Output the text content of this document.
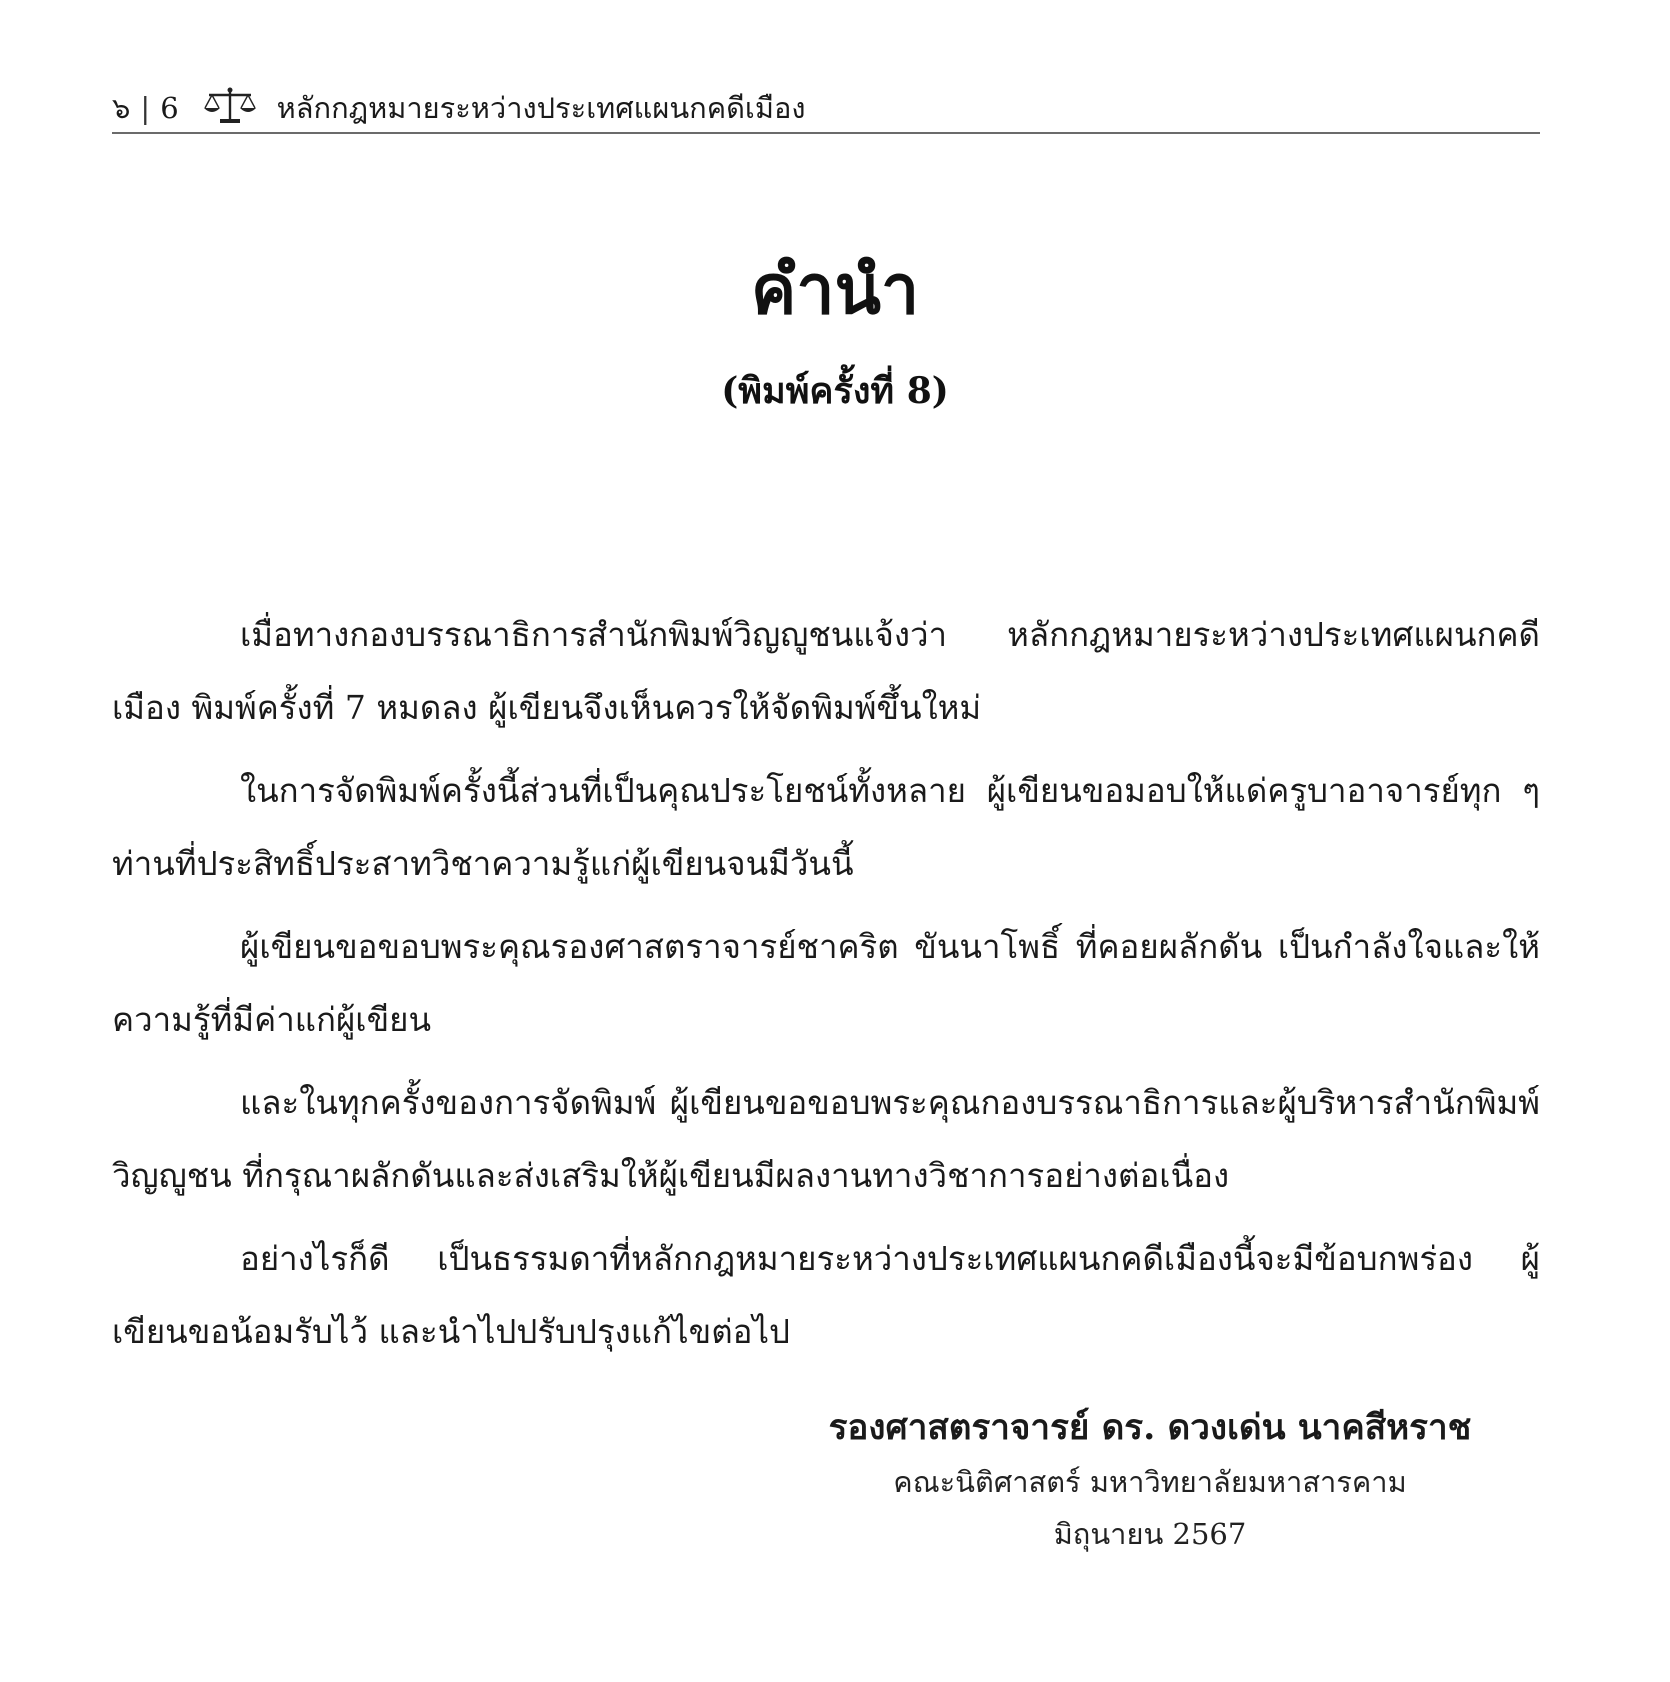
๖ | 6	หลักกฎหมายระหว่างประเทศแผนกคดีเมือง
คำนำ
(พิมพ์ครั้งที่ 8)

เมื่อทางกองบรรณาธิการสำนักพิมพ์วิญญูชนแจ้งว่า หลักกฎหมายระหว่างประเทศแผนกคดีเมือง พิมพ์ครั้งที่ 7 หมดลง ผู้เขียนจึงเห็นควรให้จัดพิมพ์ขึ้นใหม่

ในการจัดพิมพ์ครั้งนี้ส่วนที่เป็นคุณประโยชน์ทั้งหลาย ผู้เขียนขอมอบให้แด่ครูบาอาจารย์ทุก ๆ ท่านที่ประสิทธิ์ประสาทวิชาความรู้แก่ผู้เขียนจนมีวันนี้

ผู้เขียนขอขอบพระคุณรองศาสตราจารย์ชาคริต ขันนาโพธิ์ ที่คอยผลักดัน เป็นกำลังใจและให้ความรู้ที่มีค่าแก่ผู้เขียน

และในทุกครั้งของการจัดพิมพ์ ผู้เขียนขอขอบพระคุณกองบรรณาธิการและผู้บริหารสำนักพิมพ์วิญญูชน ที่กรุณาผลักดันและส่งเสริมให้ผู้เขียนมีผลงานทางวิชาการอย่างต่อเนื่อง

อย่างไรก็ดี เป็นธรรมดาที่หลักกฎหมายระหว่างประเทศแผนกคดีเมืองนี้จะมีข้อบกพร่อง ผู้เขียนขอน้อมรับไว้ และนำไปปรับปรุงแก้ไขต่อไป

รองศาสตราจารย์ ดร. ดวงเด่น นาคสีหราช
คณะนิติศาสตร์ มหาวิทยาลัยมหาสารคาม
มิถุนายน 2567
